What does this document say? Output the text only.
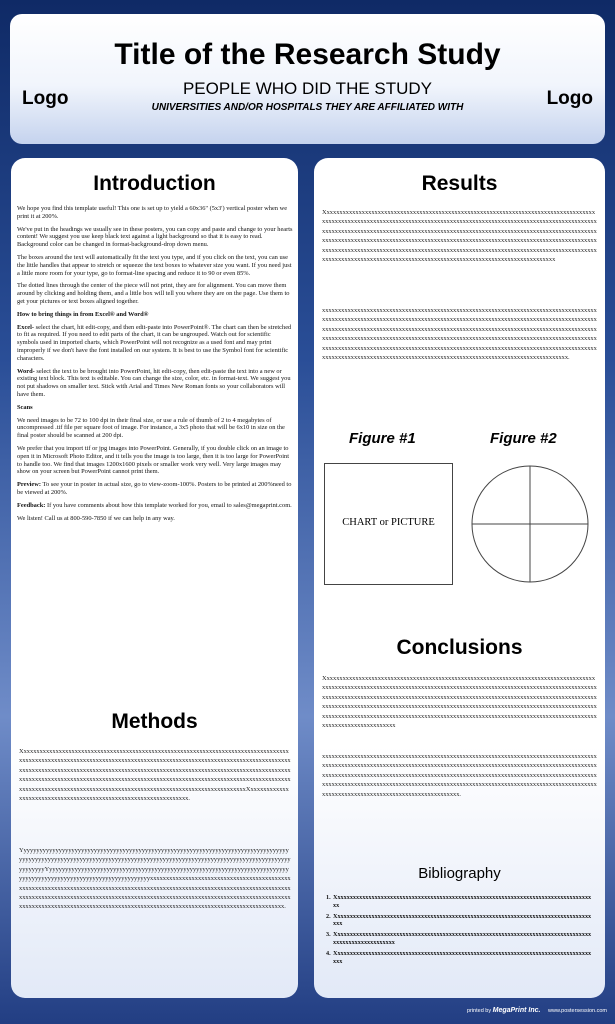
Logo	Logo
Title of the Research Study
PEOPLE WHO DID THE STUDY
UNIVERSITIES AND/OR HOSPITALS THEY ARE AFFILIATED WITH
Introduction

We hope you find this template useful! This one is set up to yield a 60x36" (5x3') vertical poster when we print it at 200%.

We've put in the headings we usually see in these posters, you can copy and paste and change to your hearts content! We suggest you use keep black text against a light background so that it is easy to read. Background color can be changed in format-background-drop down menu.

The boxes around the text will automatically fit the text you type, and if you click on the text, you can use the little handles that appear to stretch or squeeze the text boxes to whatever size you want. If you need just a little more room for your type, go to format-line spacing and reduce it to 90 or even 85%.

The dotted lines through the center of the piece will not print, they are for alignment. You can move them around by clicking and holding them, and a little box will tell you where they are on the page. Use them to get your pictures or text boxes aligned together.

How to bring things in from Excel® and Word®

Excel- select the chart, hit edit-copy, and then edit-paste into PowerPoint®. The chart can then be stretched to fit as required. If you need to edit parts of the chart, it can be ungrouped. Watch out for scientific symbols used in imported charts, which PowerPoint will not recognize as a used font and may print improperly if we don't have the font installed on our system. It is best to use the Symbol font for scientific characters.

Word- select the text to be brought into PowerPoint, hit edit-copy, then edit-paste the text into a new or existing text block. This text is editable. You can change the size, color, etc. in format-text. We suggest you not put shadows on smaller text. Stick with Arial and Times New Roman fonts so your collaborators will have them.

Scans

We need images to be 72 to 100 dpi in their final size, or use a rule of thumb of 2 to 4 megabytes of uncompressed .tif file per square foot of image. For instance, a 3x5 photo that will be 6x10 in size on the final poster should be scanned at 200 dpi.

We prefer that you import tif or jpg images into PowerPoint. Generally, if you double click on an image to open it in Microsoft Photo Editor, and it tells you the image is too large, then it is too large for PowerPoint to handle too. We find that images 1200x1600 pixels or smaller work very well. Very large images may show on your screen but PowerPoint cannot print them.

Preview: To see your in poster in actual size, go to view-zoom-100%. Posters to be printed at 200%need to be viewed at 200%.

Feedback: If you have comments about how this template worked for you, email to sales@megaprint.com.

We listen! Call us at 800-590-7850 if we can help in any way.

Methods
XxxxxxxxxxxxxxxxxxxxxxxxxxxxxxxxxxxxxxxxxxxxxxxxxxxxxxxxxxxxxxxxxxxxxxxxxxxxxxxxxxxxxxxxxxxxxxxxxxxxxxxxxxxxxxxxxxxxxxxxxxxxxxxxxxxxxxxxxxxxxxxxxxxxxxxxxxxxxxxxxxxxxxxxxxxxxxxxxxxxxxxxxxxxxxxxxxxxxxxxxxxxxxxxxxxxxxxxxxxxxxxxxxxxxxxxxxxxxxxxxxxxxxxxxxxxxxxxxxxxxxxxxxxxxxxxxxxxxxxxxxxxxxxxxxxxxxxxxxxxxxxxxxxxxxxxxxxxxxxxxxxxxxxxxxxxxxxxxxxxxxxxxxxxxxxxxxxxxxxxxxxxxxxxxxxxxxxxxxxxxxxxxxxxxxxxxxxxxxxxxxxxxxxxxxXxxxxxxxxxxxxxxxxxxxxxxxxxxxxxxxxxxxxxxxxxxxxxxxxxxxxxxxxxxxxxxxxx.
YyyyyyyyyyyyyyyyyyyyyyyyyyyyyyyyyyyyyyyyyyyyyyyyyyyyyyyyyyyyyyyyyyyyyyyyyyyyyyyyyyyyyyyyyyyyyyyyyyyyyyyyyyyyyyyyyyyyyyyyyyyyyyyyyyyyyyyyyyyyyyyyyyyyyyyyyyyyyyyyyyyyyyyyyyyyyyyyyYyyyyyyyyyyyyyyyyyyyyyyyyyyyyyyyyyyyyyyyyyyyyyyyyyyyyyyyyyyyyyyyyyyyyyyyyyyyyyyyyyyyyyyyyyyyyyyyyyyyyyyyyyyyyyyyyyyyyxxxxxxxxxxxxxxxxxxxxxxxxxxxxxxxxxxxxxxxxxxxxxxxxxxxxxxxxxxxxxxxxxxxxxxxxxxxxxxxxxxxxxxxxxxxxxxxxxxxxxxxxxxxxxxxxxxxxxxxxxxxxxxxxxxxxxxxxxxxxxxxxxxxxxxxxxxxxxxxxxxxxxxxxxxxxxxxxxxxxxxxxxxxxxxxxxxxxxxxxxxxxxxxxxxxxxxxxxxxxxxxxxxxxxxxxxxxxxxxxxxxxxxxxxxxxxxxxxxxxxxxxxxxxxxxxxxxxxxxxxxxxxxxxxxxxxxxxx.
Results
Xxxxxxxxxxxxxxxxxxxxxxxxxxxxxxxxxxxxxxxxxxxxxxxxxxxxxxxxxxxxxxxxxxxxxxxxxxxxxxxxxxxxxxxxxxxxxxxxxxxxxxxxxxxxxxxxxxxxxxxxxxxxxxxxxxxxxxxxxxxxxxxxxxxxxxxxxxxxxxxxxxxxxxxxxxxxxxxxxxxxxxxxxxxxxxxxxxxxxxxxxxxxxxxxxxxxxxxxxxxxxxxxxxxxxxxxxxxxxxxxxxxxxxxxxxxxxxxxxxxxxxxxxxxxxxxxxxxxxxxxxxxxxxxxxxxxxxxxxxxxxxxxxxxxxxxxxxxxxxxxxxxxxxxxxxxxxxxxxxxxxxxxxxxxxxxxxxxxxxxxxxxxxxxxxxxxxxxxxxxxxxxxxxxxxxxxxxxxxxxxxxxxxxxxxxxxxxxxxxxxxxxxxxxxxxxxxxxxxxxxxxxxxxxxxxxxxxxxxxxxxxxxxxxxxxxxxxxxxxxxxxxxxxxxxxxxxxxxxxxxxx
xxxxxxxxxxxxxxxxxxxxxxxxxxxxxxxxxxxxxxxxxxxxxxxxxxxxxxxxxxxxxxxxxxxxxxxxxxxxxxxxxxxxxxxxxxxxxxxxxxxxxxxxxxxxxxxxxxxxxxxxxxxxxxxxxxxxxxxxxxxxxxxxxxxxxxxxxxxxxxxxxxxxxxxxxxxxxxxxxxxxxxxxxxxxxxxxxxxxxxxxxxxxxxxxxxxxxxxxxxxxxxxxxxxxxxxxxxxxxxxxxxxxxxxxxxxxxxxxxxxxxxxxxxxxxxxxxxxxxxxxxxxxxxxxxxxxxxxxxxxxxxxxxxxxxxxxxxxxxxxxxxxxxxxxxxxxxxxxxxxxxxxxxxxxxxxxxxxxxxxxxxxxxxxxxxxxxxxxxxxxxxxxxxxxxxxxxxxxxxxxxxxxxxxxxxxxxxxxxxxxxxxxxxxxxxxxxxxxxxxxxxxxxxxxxxxxxxxxxxxxxxxxxxxxxxxxxxxxxxxxxxxxxxxxxxxxxxxxxxxxxxxxxxx.
Figure #1	Figure #2
CHART or PICTURE
Conclusions
Xxxxxxxxxxxxxxxxxxxxxxxxxxxxxxxxxxxxxxxxxxxxxxxxxxxxxxxxxxxxxxxxxxxxxxxxxxxxxxxxxxxxxxxxxxxxxxxxxxxxxxxxxxxxxxxxxxxxxxxxxxxxxxxxxxxxxxxxxxxxxxxxxxxxxxxxxxxxxxxxxxxxxxxxxxxxxxxxxxxxxxxxxxxxxxxxxxxxxxxxxxxxxxxxxxxxxxxxxxxxxxxxxxxxxxxxxxxxxxxxxxxxxxxxxxxxxxxxxxxxxxxxxxxxxxxxxxxxxxxxxxxxxxxxxxxxxxxxxxxxxxxxxxxxxxxxxxxxxxxxxxxxxxxxxxxxxxxxxxxxxxxxxxxxxxxxxxxxxxxxxxxxxxxxxxxxxxxxxxxxxxxxxxxxxxxxxxxxxxxxxxxxxxxxxxxxxxxxxxxxxxxxxxxxxxxxxxxxxxxxxxxxxxxxxxxx
xxxxxxxxxxxxxxxxxxxxxxxxxxxxxxxxxxxxxxxxxxxxxxxxxxxxxxxxxxxxxxxxxxxxxxxxxxxxxxxxxxxxxxxxxxxxxxxxxxxxxxxxxxxxxxxxxxxxxxxxxxxxxxxxxxxxxxxxxxxxxxxxxxxxxxxxxxxxxxxxxxxxxxxxxxxxxxxxxxxxxxxxxxxxxxxxxxxxxxxxxxxxxxxxxxxxxxxxxxxxxxxxxxxxxxxxxxxxxxxxxxxxxxxxxxxxxxxxxxxxxxxxxxxxxxxxxxxxxxxxxxxxxxxxxxxxxxxxxxxxxxxxxxxxxxxxxxxxxxxxxxxxxxxxxxxxxxxxxxxxxxxxxxxxxxxxxxxxxxxxxxxxxxxxxxxxxxxxxxxxxxxxxxx.
Bibliography
1. Xxxxxxxxxxxxxxxxxxxxxxxxxxxxxxxxxxxxxxxxxxxxxxxxxxxxxxxxxxxxxxxxxxxxxxxxxxxxxxxxxxxxx
2. Xxxxxxxxxxxxxxxxxxxxxxxxxxxxxxxxxxxxxxxxxxxxxxxxxxxxxxxxxxxxxxxxxxxxxxxxxxxxxxxxxxxxxx
3. Xxxxxxxxxxxxxxxxxxxxxxxxxxxxxxxxxxxxxxxxxxxxxxxxxxxxxxxxxxxxxxxxxxxxxxxxxxxxxxxxxxxxxxxxxxxxxxxxxxxxxxx
4. Xxxxxxxxxxxxxxxxxxxxxxxxxxxxxxxxxxxxxxxxxxxxxxxxxxxxxxxxxxxxxxxxxxxxxxxxxxxxxxxxxxxxxx
printed by MegaPrint Inc. www.postersession.com
